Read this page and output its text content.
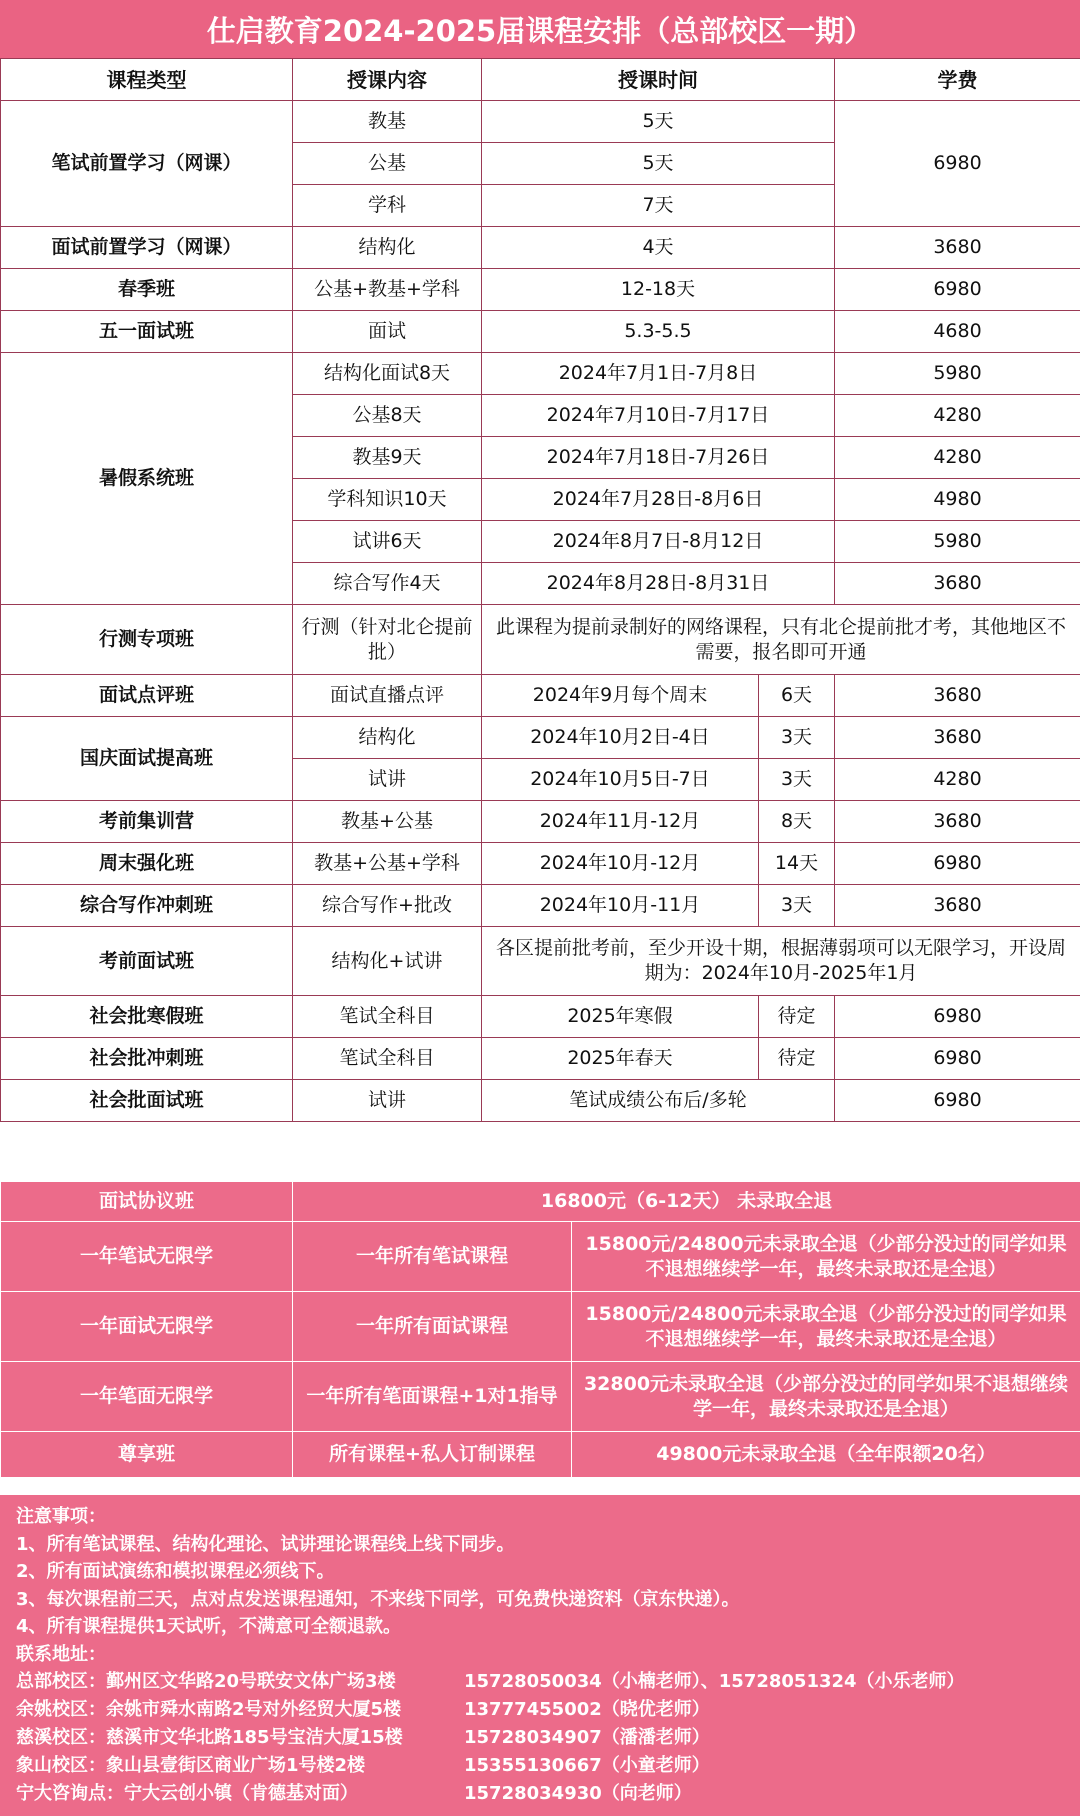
仕启教育2024-2025届课程安排（总部校区一期）
课程类型	授课内容	授课时间		学费
笔试前置学习（网课）	教基	5天		6980
	公基	5天		
	学科	7天		
面试前置学习（网课）	结构化	4天		3680
春季班	公基+教基+学科	12-18天		6980
五一面试班	面试	5.3-5.5		4680
暑假系统班	结构化面试8天	2024年7月1日-7月8日		5980
	公基8天	2024年7月10日-7月17日		4280
	教基9天	2024年7月18日-7月26日		4280
	学科知识10天	2024年7月28日-8月6日		4980
	试讲6天	2024年8月7日-8月12日		5980
	综合写作4天	2024年8月28日-8月31日		3680
行测专项班	行测（针对北仑提前批）	此课程为提前录制好的网络课程，只有北仑提前批才考，其他地区不需要，报名即可开通		
面试点评班	面试直播点评	2024年9月每个周末	6天	3680
国庆面试提高班	结构化	2024年10月2日-4日	3天	3680
	试讲	2024年10月5日-7日	3天	4280
考前集训营	教基+公基	2024年11月-12月	8天	3680
周末强化班	教基+公基+学科	2024年10月-12月	14天	6980
综合写作冲刺班	综合写作+批改	2024年10月-11月	3天	3680
考前面试班	结构化+试讲	各区提前批考前，至少开设十期，根据薄弱项可以无限学习，开设周期为：2024年10月-2025年1月		
社会批寒假班	笔试全科目	2025年寒假	待定	6980
社会批冲刺班	笔试全科目	2025年春天	待定	6980
社会批面试班	试讲	笔试成绩公布后/多轮		6980
面试协议班	16800元（6-12天） 未录取全退	
一年笔试无限学	一年所有笔试课程	15800元/24800元未录取全退（少部分没过的同学如果不退想继续学一年，最终未录取还是全退）
一年面试无限学	一年所有面试课程	15800元/24800元未录取全退（少部分没过的同学如果不退想继续学一年，最终未录取还是全退）
一年笔面无限学	一年所有笔面课程+1对1指导	32800元未录取全退（少部分没过的同学如果不退想继续学一年，最终未录取还是全退）
尊享班	所有课程+私人订制课程	49800元未录取全退（全年限额20名）
注意事项：
1、所有笔试课程、结构化理论、试讲理论课程线上线下同步。
2、所有面试演练和模拟课程必须线下。
3、每次课程前三天，点对点发送课程通知，不来线下同学，可免费快递资料（京东快递）。
4、所有课程提供1天试听，不满意可全额退款。
联系地址：
总部校区：鄞州区文华路20号联安文体广场3楼	15728050034（小楠老师）、15728051324（小乐老师）
余姚校区：余姚市舜水南路2号对外经贸大厦5楼	13777455002（晓优老师）
慈溪校区：慈溪市文华北路185号宝洁大厦15楼	15728034907（潘潘老师）
象山校区：象山县壹街区商业广场1号楼2楼	15355130667（小童老师）
宁大咨询点：宁大云创小镇（肯德基对面）	15728034930（向老师）
